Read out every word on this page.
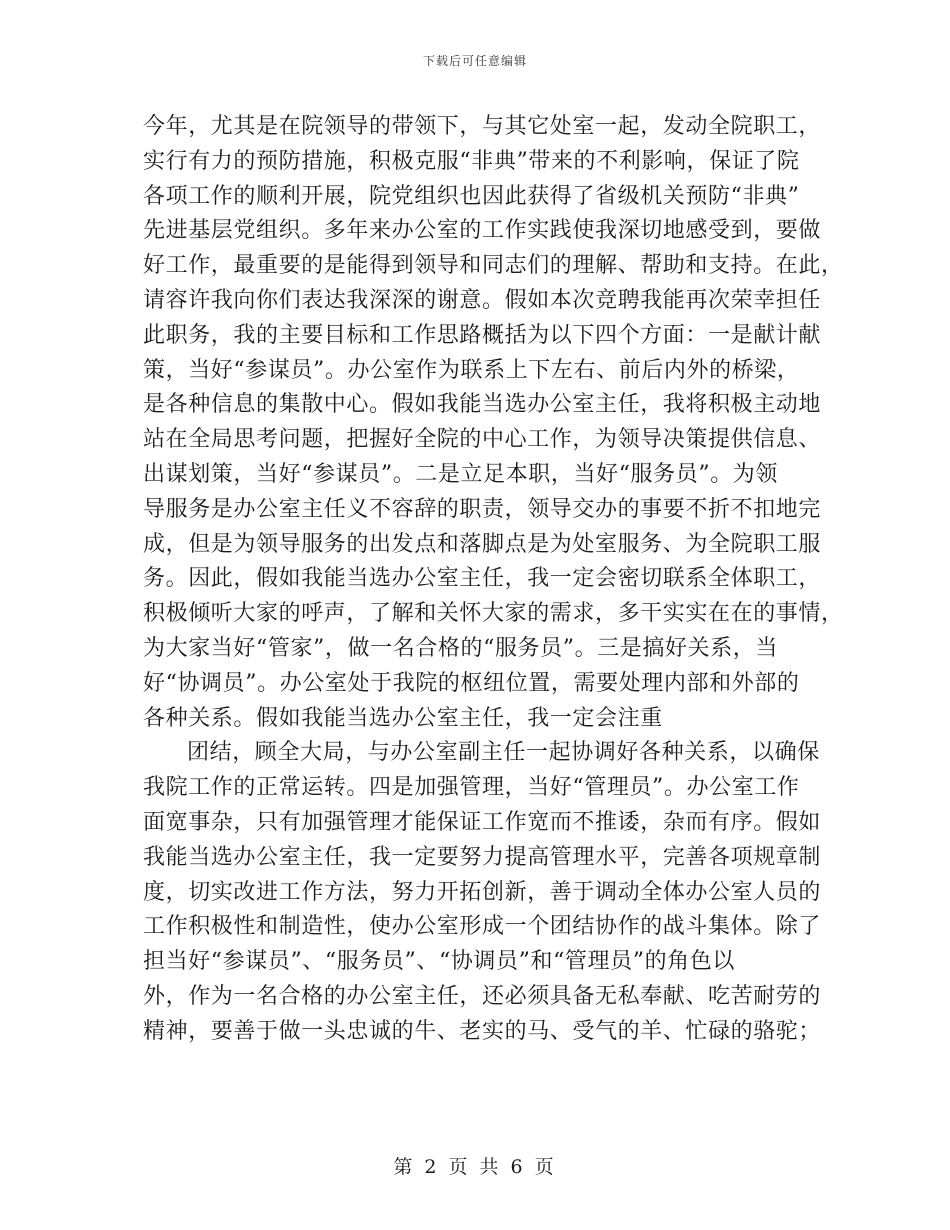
下载后可任意编辑
今年，尤其是在院领导的带领下，与其它处室一起，发动全院职工，
实行有力的预防措施，积极克服“非典”带来的不利影响，保证了院
各项工作的顺利开展，院党组织也因此获得了省级机关预防“非典”
先进基层党组织。多年来办公室的工作实践使我深切地感受到，要做
好工作，最重要的是能得到领导和同志们的理解、帮助和支持。在此，
请容许我向你们表达我深深的谢意。假如本次竞聘我能再次荣幸担任
此职务，我的主要目标和工作思路概括为以下四个方面：一是献计献
策，当好“参谋员”。办公室作为联系上下左右、前后内外的桥梁，
是各种信息的集散中心。假如我能当选办公室主任，我将积极主动地
站在全局思考问题，把握好全院的中心工作，为领导决策提供信息、
出谋划策，当好“参谋员”。二是立足本职，当好“服务员”。为领
导服务是办公室主任义不容辞的职责，领导交办的事要不折不扣地完
成，但是为领导服务的出发点和落脚点是为处室服务、为全院职工服
务。因此，假如我能当选办公室主任，我一定会密切联系全体职工，
积极倾听大家的呼声，了解和关怀大家的需求，多干实实在在的事情，
为大家当好“管家”，做一名合格的“服务员”。三是搞好关系，当
好“协调员”。办公室处于我院的枢纽位置，需要处理内部和外部的
各种关系。假如我能当选办公室主任，我一定会注重
团结，顾全大局，与办公室副主任一起协调好各种关系，以确保
我院工作的正常运转。四是加强管理，当好“管理员”。办公室工作
面宽事杂，只有加强管理才能保证工作宽而不推诿，杂而有序。假如
我能当选办公室主任，我一定要努力提高管理水平，完善各项规章制
度，切实改进工作方法，努力开拓创新，善于调动全体办公室人员的
工作积极性和制造性，使办公室形成一个团结协作的战斗集体。除了
担当好“参谋员”、“服务员”、“协调员”和“管理员”的角色以
外，作为一名合格的办公室主任，还必须具备无私奉献、吃苦耐劳的
精神，要善于做一头忠诚的牛、老实的马、受气的羊、忙碌的骆驼；
第 2 页 共 6 页
